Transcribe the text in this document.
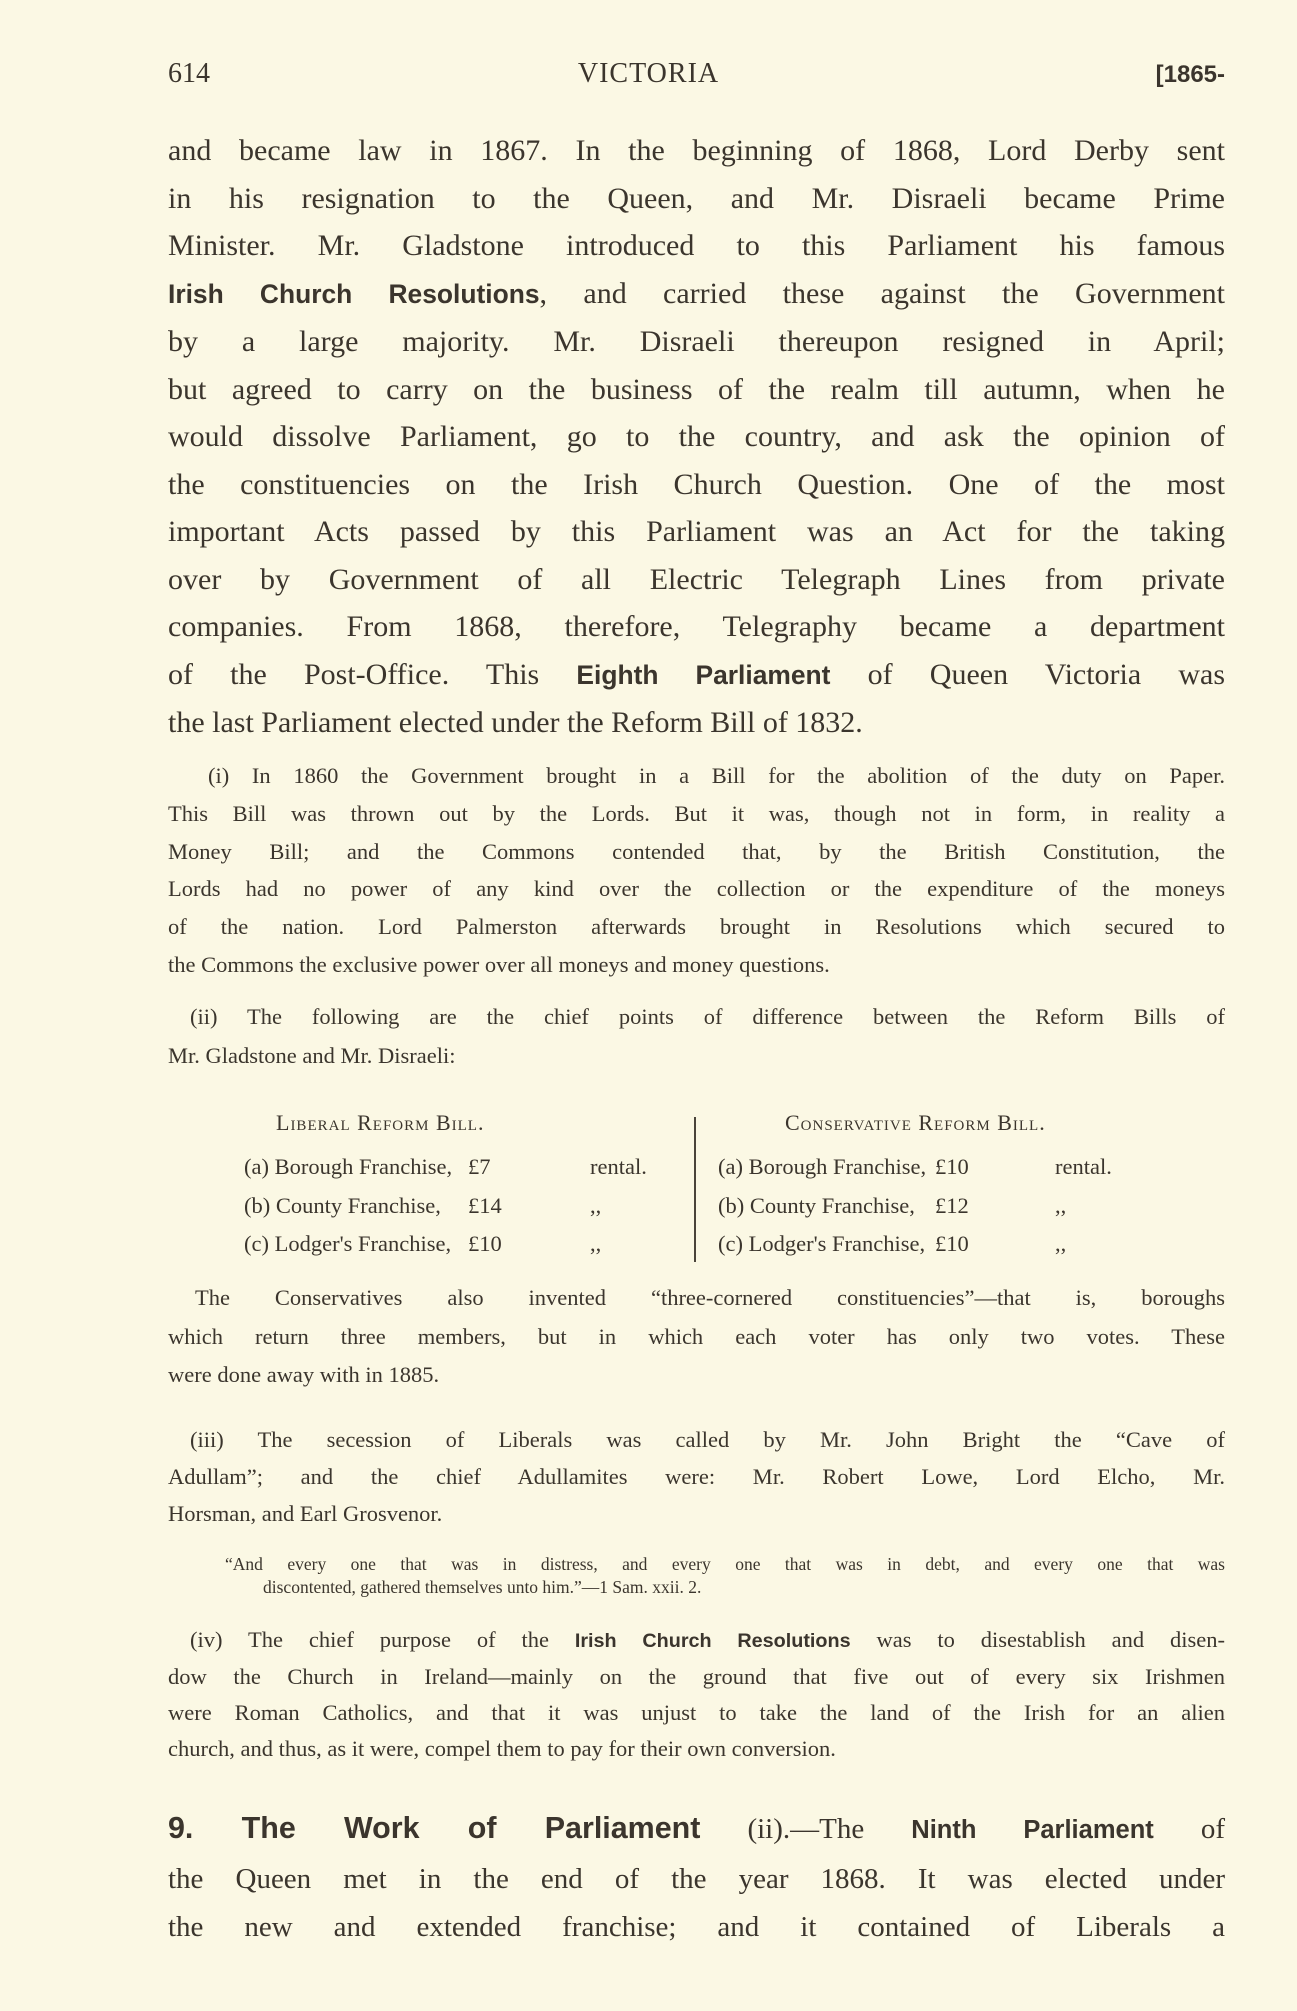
614	VICTORIA	[1865-
and became law in 1867. In the beginning of 1868, Lord Derby sent
in his resignation to the Queen, and Mr. Disraeli became Prime
Minister. Mr. Gladstone introduced to this Parliament his famous
Irish Church Resolutions, and carried these against the Government
by a large majority. Mr. Disraeli thereupon resigned in April;
but agreed to carry on the business of the realm till autumn, when he
would dissolve Parliament, go to the country, and ask the opinion of
the constituencies on the Irish Church Question. One of the most
important Acts passed by this Parliament was an Act for the taking
over by Government of all Electric Telegraph Lines from private
companies. From 1868, therefore, Telegraphy became a department
of the Post-Office. This Eighth Parliament of Queen Victoria was
the last Parliament elected under the Reform Bill of 1832.
(i) In 1860 the Government brought in a Bill for the abolition of the duty on Paper.
This Bill was thrown out by the Lords. But it was, though not in form, in reality a
Money Bill; and the Commons contended that, by the British Constitution, the
Lords had no power of any kind over the collection or the expenditure of the moneys
of the nation. Lord Palmerston afterwards brought in Resolutions which secured to
the Commons the exclusive power over all moneys and money questions.
(ii) The following are the chief points of difference between the Reform Bills of
Mr. Gladstone and Mr. Disraeli:
Liberal Reform Bill.	Conservative Reform Bill.
(a) Borough Franchise, £7	rental.
(b) County Franchise, £14	,,
(c) Lodger's Franchise, £10	,,
(a) Borough Franchise, £10	rental.
(b) County Franchise, £12	,,
(c) Lodger's Franchise, £10	,,
The Conservatives also invented “three-cornered constituencies”—that is, boroughs
which return three members, but in which each voter has only two votes. These
were done away with in 1885.
(iii) The secession of Liberals was called by Mr. John Bright the “Cave of
Adullam”; and the chief Adullamites were: Mr. Robert Lowe, Lord Elcho, Mr.
Horsman, and Earl Grosvenor.
“And every one that was in distress, and every one that was in debt, and every one that was
discontented, gathered themselves unto him.”—1 Sam. xxii. 2.
(iv) The chief purpose of the Irish Church Resolutions was to disestablish and disen-
dow the Church in Ireland—mainly on the ground that five out of every six Irishmen
were Roman Catholics, and that it was unjust to take the land of the Irish for an alien
church, and thus, as it were, compel them to pay for their own conversion.
9. The Work of Parliament (ii).—The Ninth Parliament of
the Queen met in the end of the year 1868. It was elected under
the new and extended franchise; and it contained of Liberals a
